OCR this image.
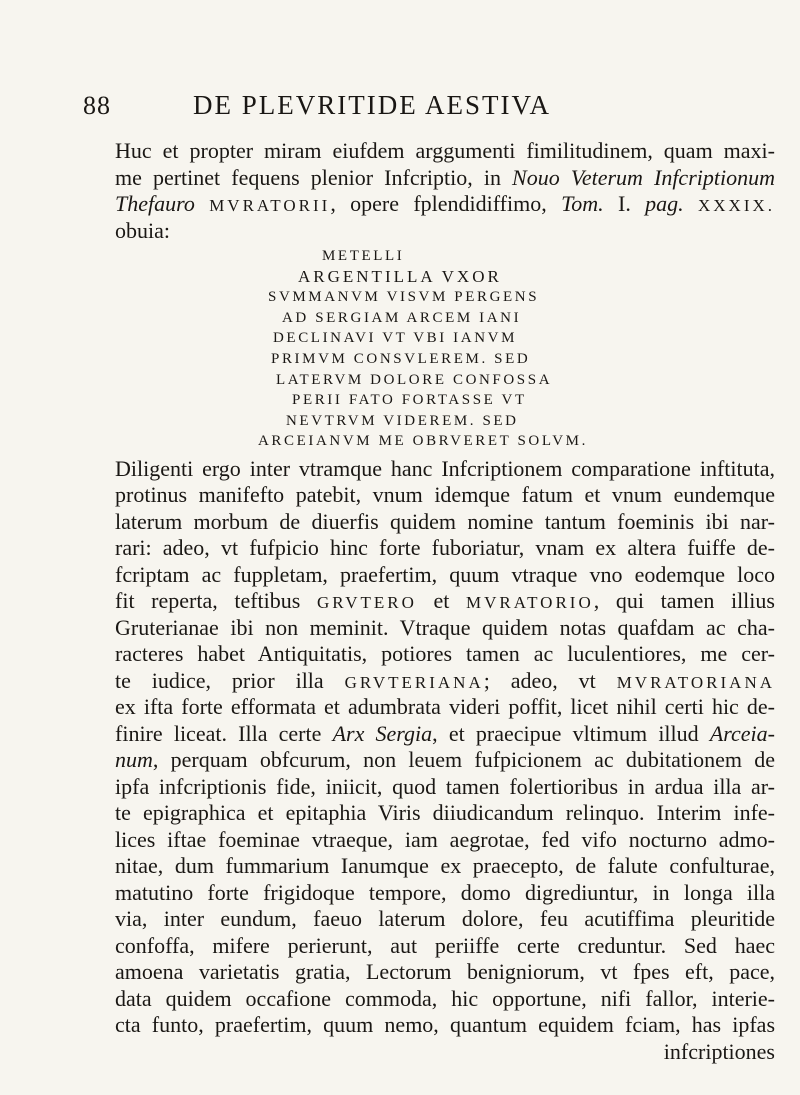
88	DE PLEVRITIDE AESTIVA
Huc et propter miram eiufdem arggumenti fimilitudinem, quam maxi-
me pertinet fequens plenior Infcriptio, in Nouo Veterum Infcriptionum
Thefauro MVRATORII, opere fplendidiffimo, Tom. I. pag. XXXIX.
obuia:
METELLI
ARGENTILLA VXOR
SVMMANVM VISVM PERGENS
AD SERGIAM ARCEM IANI
DECLINAVI VT VBI IANVM
PRIMVM CONSVLEREM. SED
LATERVM DOLORE CONFOSSA
PERII FATO FORTASSE VT
NEVTRVM VIDEREM. SED
ARCEIANVM ME OBRVERET SOLVM.
Diligenti ergo inter vtramque hanc Infcriptionem comparatione inftituta,
protinus manifefto patebit, vnum idemque fatum et vnum eundemque
laterum morbum de diuerfis quidem nomine tantum foeminis ibi nar-
rari: adeo, vt fufpicio hinc forte fuboriatur, vnam ex altera fuiffe de-
fcriptam ac fuppletam, praefertim, quum vtraque vno eodemque loco
fit reperta, teftibus GRVTERO et MVRATORIO, qui tamen illius
Gruterianae ibi non meminit. Vtraque quidem notas quafdam ac cha-
racteres habet Antiquitatis, potiores tamen ac luculentiores, me cer-
te iudice, prior illa GRVTERIANA; adeo, vt MVRATORIANA
ex ifta forte efformata et adumbrata videri poffit, licet nihil certi hic de-
finire liceat. Illa certe Arx Sergia, et praecipue vltimum illud Arceia-
num, perquam obfcurum, non leuem fufpicionem ac dubitationem de
ipfa infcriptionis fide, iniicit, quod tamen folertioribus in ardua illa ar-
te epigraphica et epitaphia Viris diiudicandum relinquo. Interim infe-
lices iftae foeminae vtraeque, iam aegrotae, fed vifo nocturno admo-
nitae, dum fummarium Ianumque ex praecepto, de falute confulturae,
matutino forte frigidoque tempore, domo digrediuntur, in longa illa
via, inter eundum, faeuo laterum dolore, feu acutiffima pleuritide
confoffa, mifere perierunt, aut periiffe certe creduntur. Sed haec
amoena varietatis gratia, Lectorum benigniorum, vt fpes eft, pace,
data quidem occafione commoda, hic opportune, nifi fallor, interie-
cta funto, praefertim, quum nemo, quantum equidem fciam, has ipfas
infcriptiones
